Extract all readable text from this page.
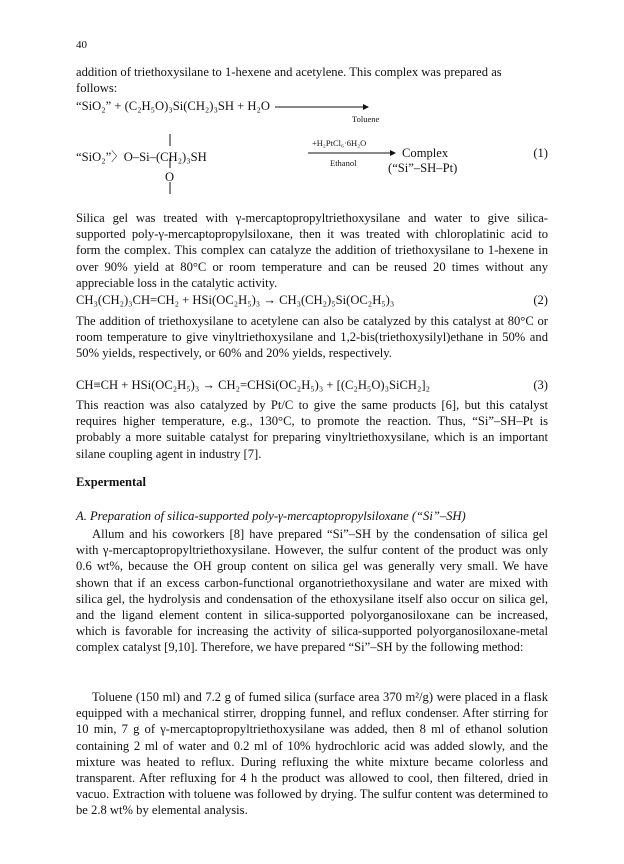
40

addition of triethoxysilane to 1-hexene and acetylene. This complex was prepared as

follows:

“SiO₂” + (C₂H₅O)₃Si(CH₂)₃SH + H₂O
Toluene
“SiO₂”〉O–Si–(CH₂)₃SH
O
+H₂PtCl₆·6H₂O
Ethanol
Complex
(“Si”–SH–Pt)
(1)

Silica gel was treated with γ-mercaptopropyltriethoxysilane and water to give silica-supported poly-γ-mercaptopropylsiloxane, then it was treated with chloroplatinic acid to form the complex. This complex can catalyze the addition of triethoxysilane to 1-hexene in over 90% yield at 80°C or room temperature and can be reused 20 times without any appreciable loss in the catalytic activity.

CH₃(CH₂)₃CH=CH₂ + HSi(OC₂H₅)₃ → CH₃(CH₂)₅Si(OC₂H₅)₃	(2)

The addition of triethoxysilane to acetylene can also be catalyzed by this catalyst at 80°C or room temperature to give vinyltriethoxysilane and 1,2-bis(triethoxysilyl)ethane in 50% and 50% yields, respectively, or 60% and 20% yields, respectively.

CH≡CH + HSi(OC₂H₅)₃ → CH₂=CHSi(OC₂H₅)₃ + [(C₂H₅O)₃SiCH₂]₂	(3)

This reaction was also catalyzed by Pt/C to give the same products [6], but this catalyst requires higher temperature, e.g., 130°C, to promote the reaction. Thus, “Si”–SH–Pt is probably a more suitable catalyst for preparing vinyltriethoxysilane, which is an important silane coupling agent in industry [7].

Expermental
A. Preparation of silica-supported poly-γ-mercaptopropylsiloxane (“Si”–SH)

Allum and his coworkers [8] have prepared “Si”–SH by the condensation of silica gel with γ-mercaptopropyltriethoxysilane. However, the sulfur content of the product was only 0.6 wt%, because the OH group content on silica gel was generally very small. We have shown that if an excess carbon-functional organotriethoxysilane and water are mixed with silica gel, the hydrolysis and condensation of the ethoxysilane itself also occur on silica gel, and the ligand element content in silica-supported polyorganosiloxane can be increased, which is favorable for increasing the activity of silica-supported polyorganosiloxane-metal complex catalyst [9,10]. Therefore, we have prepared “Si”–SH by the following method:

Toluene (150 ml) and 7.2 g of fumed silica (surface area 370 m²/g) were placed in a flask equipped with a mechanical stirrer, dropping funnel, and reflux condenser. After stirring for 10 min, 7 g of γ-mercaptopropyltriethoxysilane was added, then 8 ml of ethanol solution containing 2 ml of water and 0.2 ml of 10% hydrochloric acid was added slowly, and the mixture was heated to reflux. During refluxing the white mixture became colorless and transparent. After refluxing for 4 h the product was allowed to cool, then filtered, dried in vacuo. Extraction with toluene was followed by drying. The sulfur content was determined to be 2.8 wt% by elemental analysis.
